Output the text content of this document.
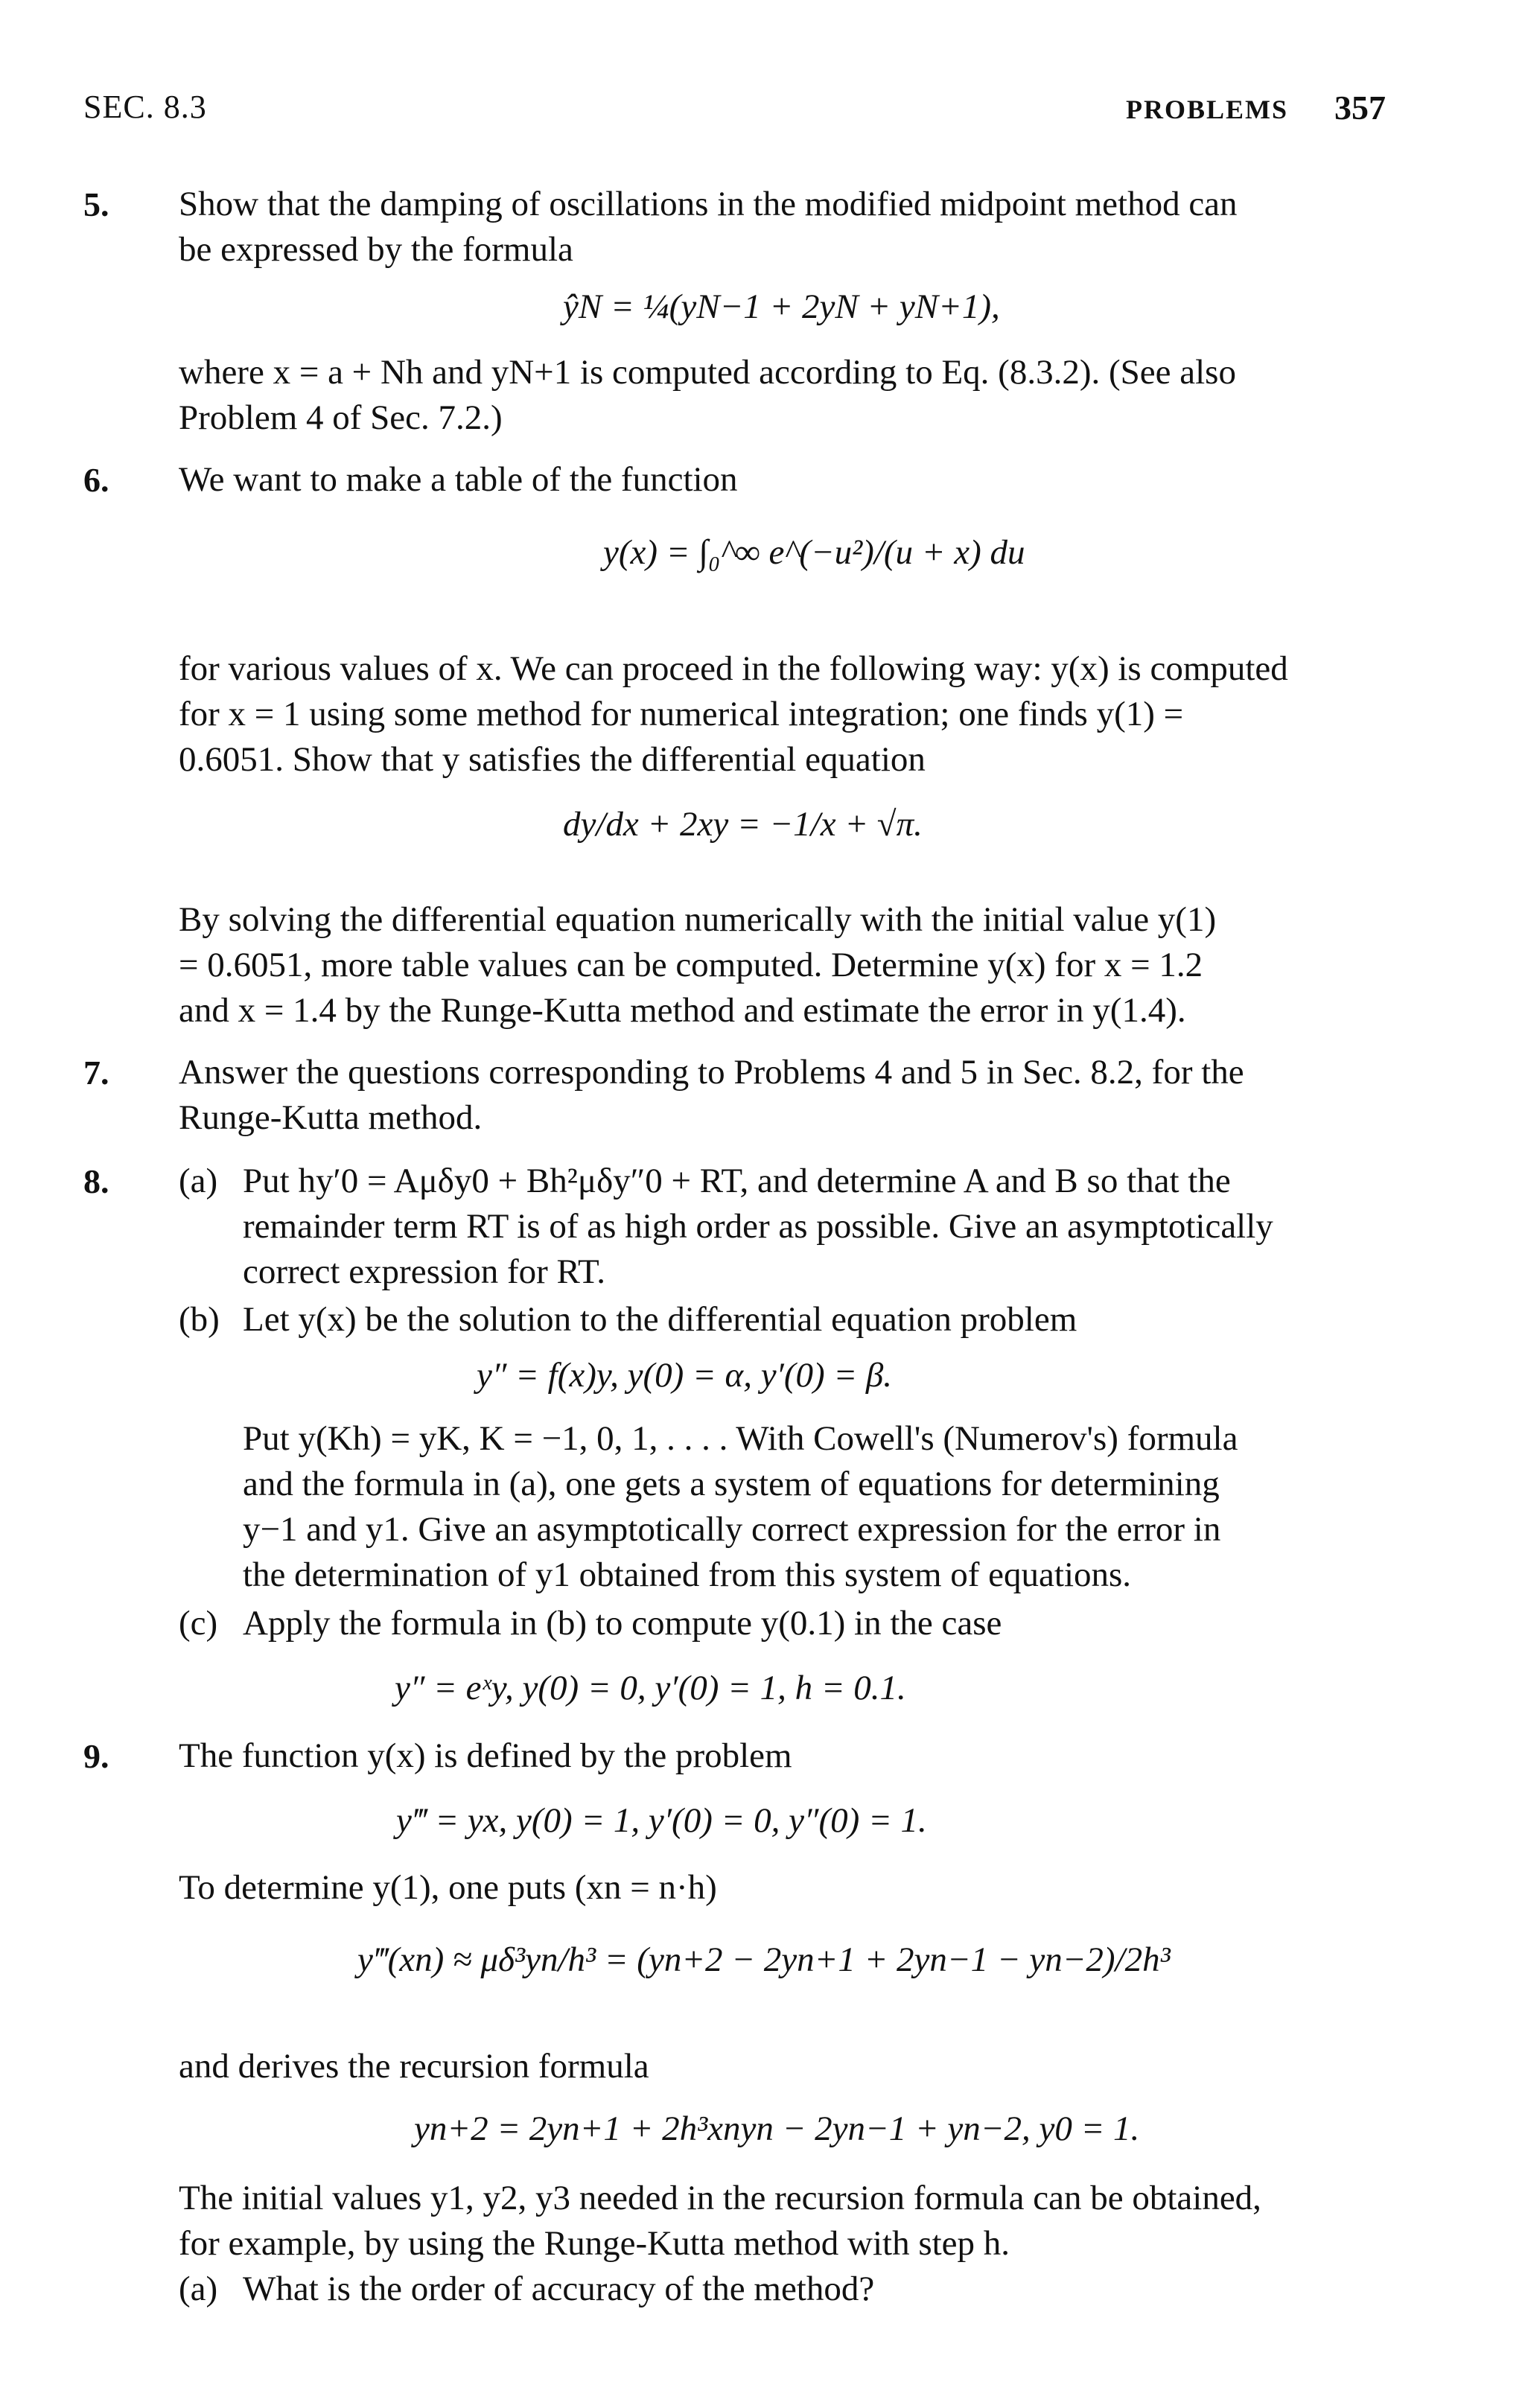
SEC. 8.3	PROBLEMS 357
5. Show that the damping of oscillations in the modified midpoint method can
be expressed by the formula
ŷN = ¼(yN−1 + 2yN + yN+1),
where x = a + Nh and yN+1 is computed according to Eq. (8.3.2). (See also
Problem 4 of Sec. 7.2.)
6. We want to make a table of the function
y(x) = ∫₀^∞ e^(−u²)/(u + x) du
for various values of x. We can proceed in the following way: y(x) is computed
for x = 1 using some method for numerical integration; one finds y(1) =
0.6051. Show that y satisfies the differential equation
dy/dx + 2xy = −1/x + √π.
By solving the differential equation numerically with the initial value y(1)
= 0.6051, more table values can be computed. Determine y(x) for x = 1.2
and x = 1.4 by the Runge-Kutta method and estimate the error in y(1.4).
7. Answer the questions corresponding to Problems 4 and 5 in Sec. 8.2, for the
Runge-Kutta method.
8. (a) Put hy′0 = Aμδy0 + Bh²μδy″0 + RT, and determine A and B so that the
remainder term RT is of as high order as possible. Give an asymptotically
correct expression for RT.
(b) Let y(x) be the solution to the differential equation problem
y″ = f(x)y, y(0) = α, y′(0) = β.
Put y(Kh) = yK, K = −1, 0, 1, . . . . With Cowell's (Numerov's) formula
and the formula in (a), one gets a system of equations for determining
y−1 and y1. Give an asymptotically correct expression for the error in
the determination of y1 obtained from this system of equations.
(c) Apply the formula in (b) to compute y(0.1) in the case
y″ = eˣy, y(0) = 0, y′(0) = 1, h = 0.1.
9. The function y(x) is defined by the problem
y‴ = yx, y(0) = 1, y′(0) = 0, y″(0) = 1.
To determine y(1), one puts (xn = n·h)
y‴(xn) ≈ μδ³yn/h³ = (yn+2 − 2yn+1 + 2yn−1 − yn−2)/2h³
and derives the recursion formula
yn+2 = 2yn+1 + 2h³xnyn − 2yn−1 + yn−2, y0 = 1.
The initial values y1, y2, y3 needed in the recursion formula can be obtained,
for example, by using the Runge-Kutta method with step h.
(a) What is the order of accuracy of the method?
